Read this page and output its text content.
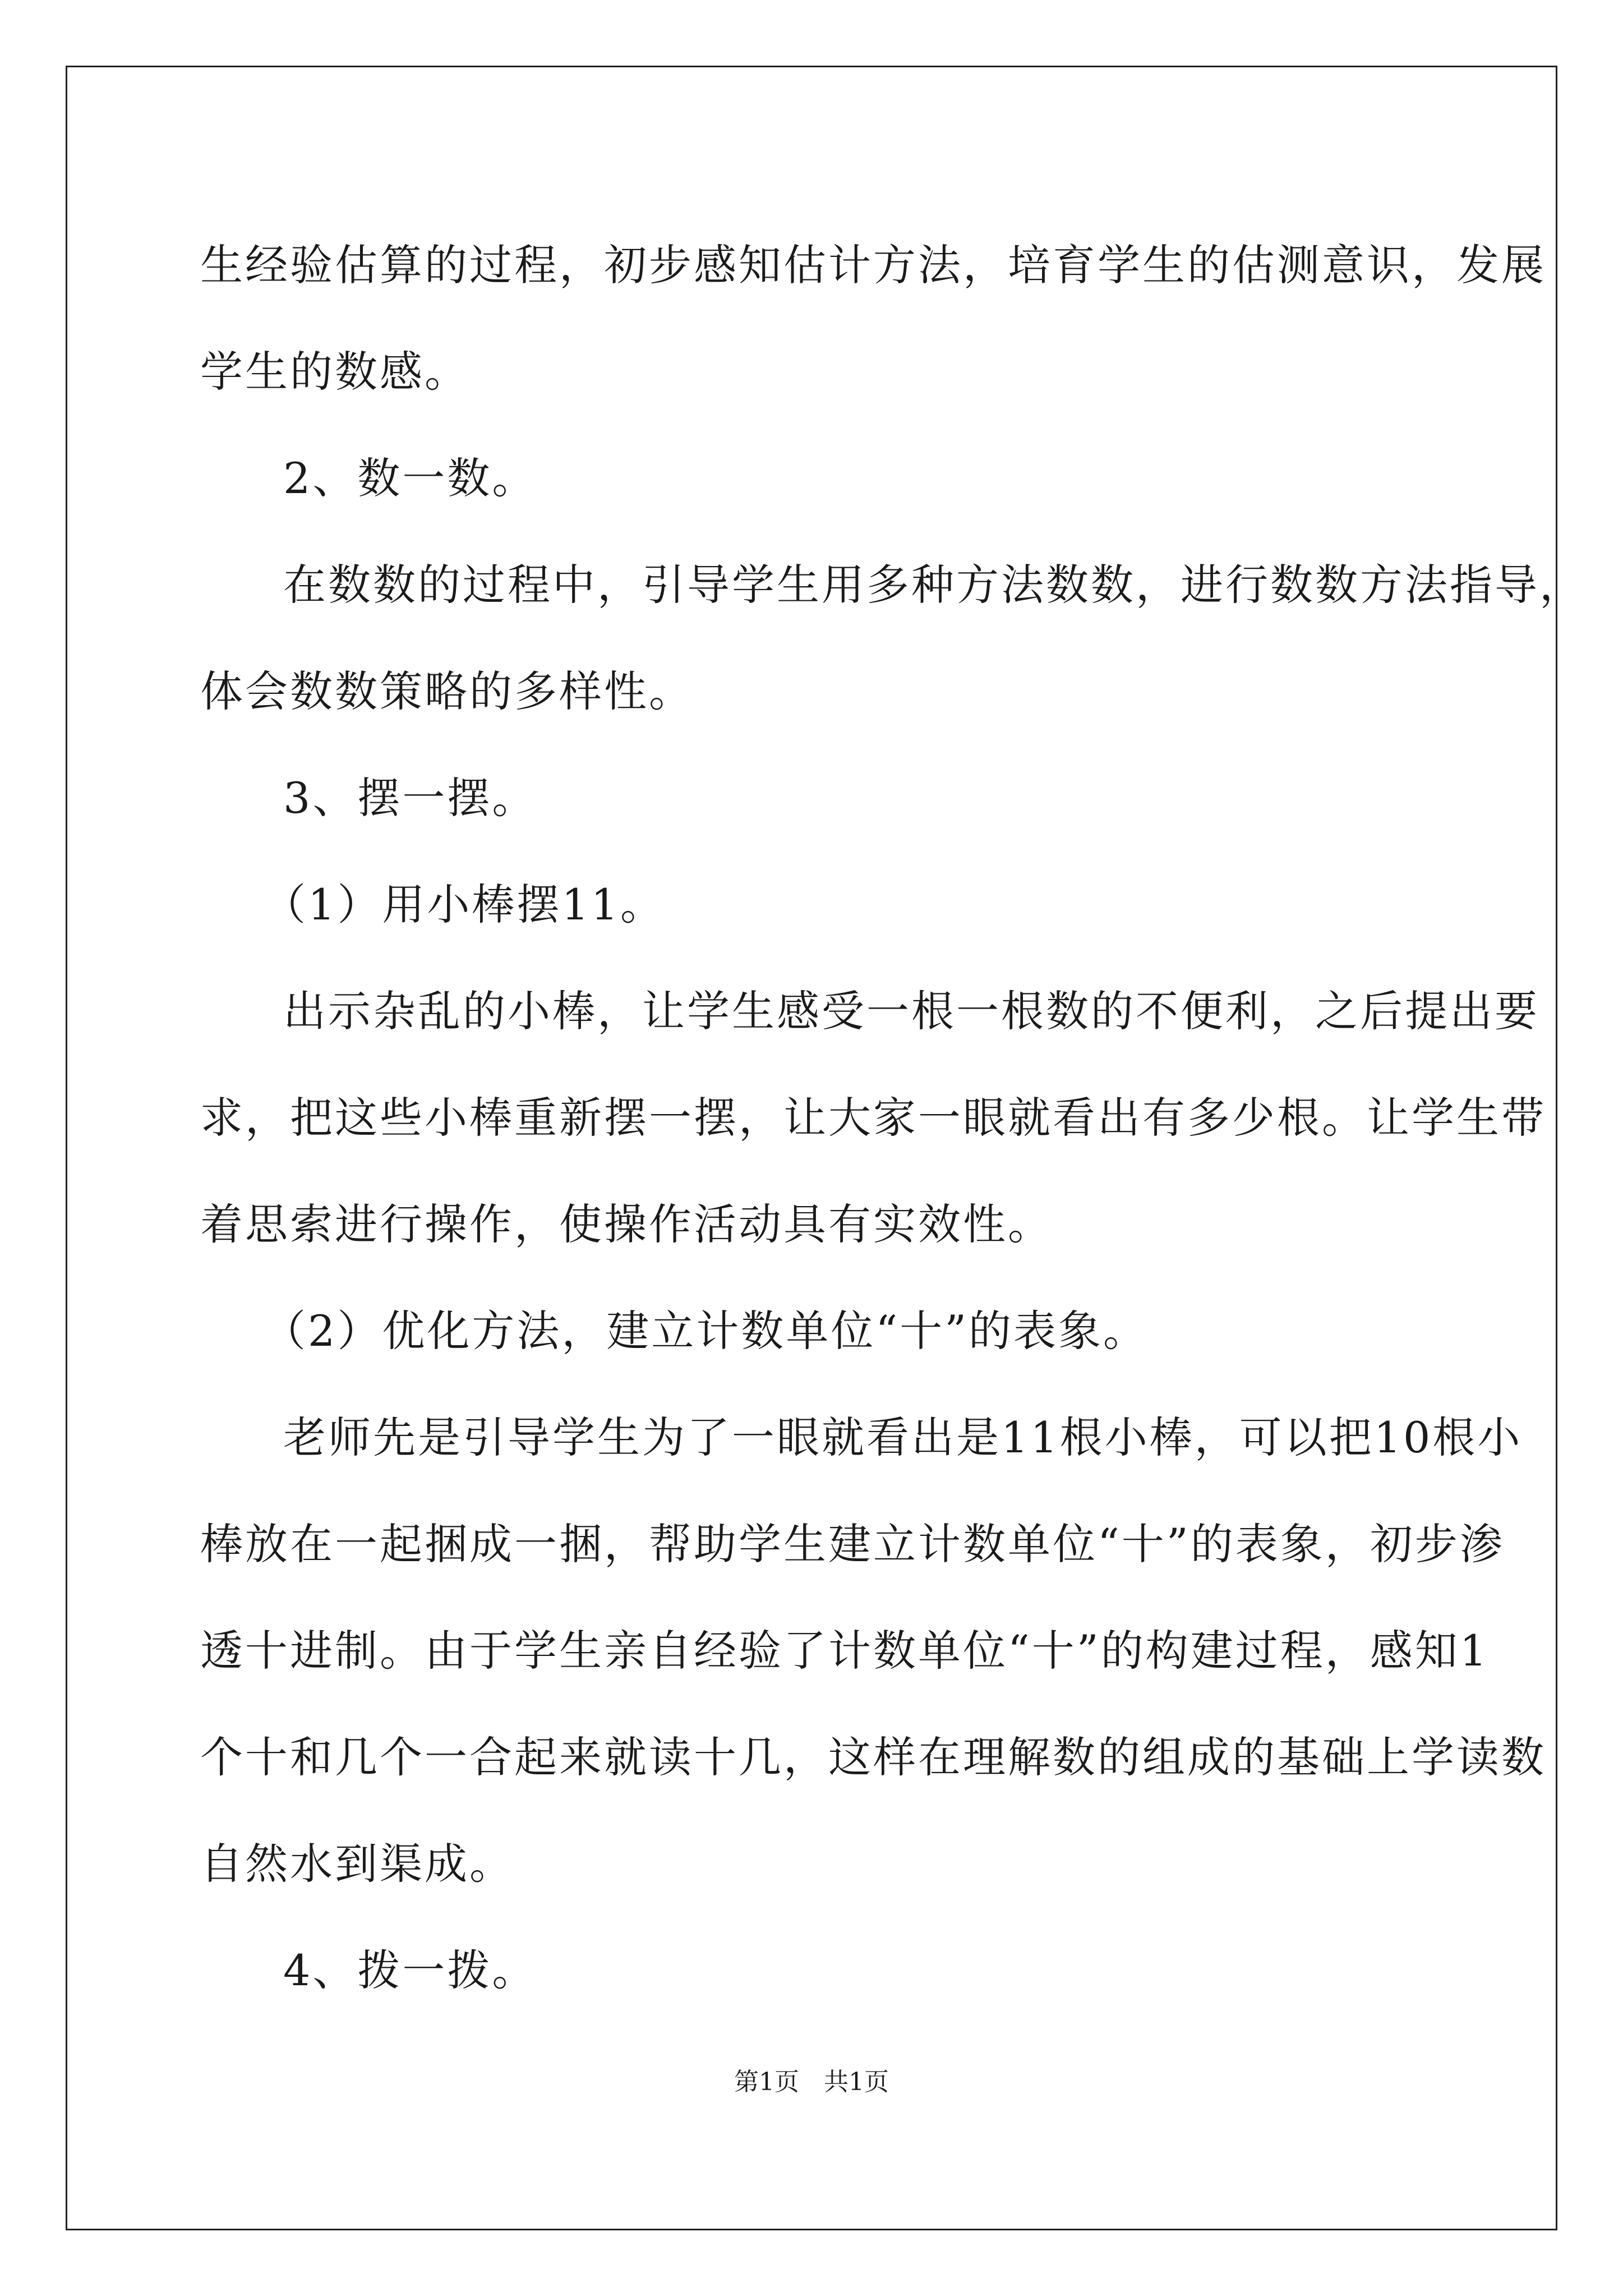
生经验估算的过程，初步感知估计方法，培育学生的估测意识，发展

学生的数感。

2、数一数。

在数数的过程中，引导学生用多种方法数数，进行数数方法指导，

体会数数策略的多样性。

3、摆一摆。

（1）用小棒摆11。

出示杂乱的小棒，让学生感受一根一根数的不便利，之后提出要

求，把这些小棒重新摆一摆，让大家一眼就看出有多少根。让学生带

着思索进行操作，使操作活动具有实效性。

（2）优化方法，建立计数单位“十”的表象。

老师先是引导学生为了一眼就看出是11根小棒，可以把10根小

棒放在一起捆成一捆，帮助学生建立计数单位“十”的表象，初步渗

透十进制。由于学生亲自经验了计数单位“十”的构建过程，感知1

个十和几个一合起来就读十几，这样在理解数的组成的基础上学读数

自然水到渠成。

4、拨一拨。

第1页　共1页
